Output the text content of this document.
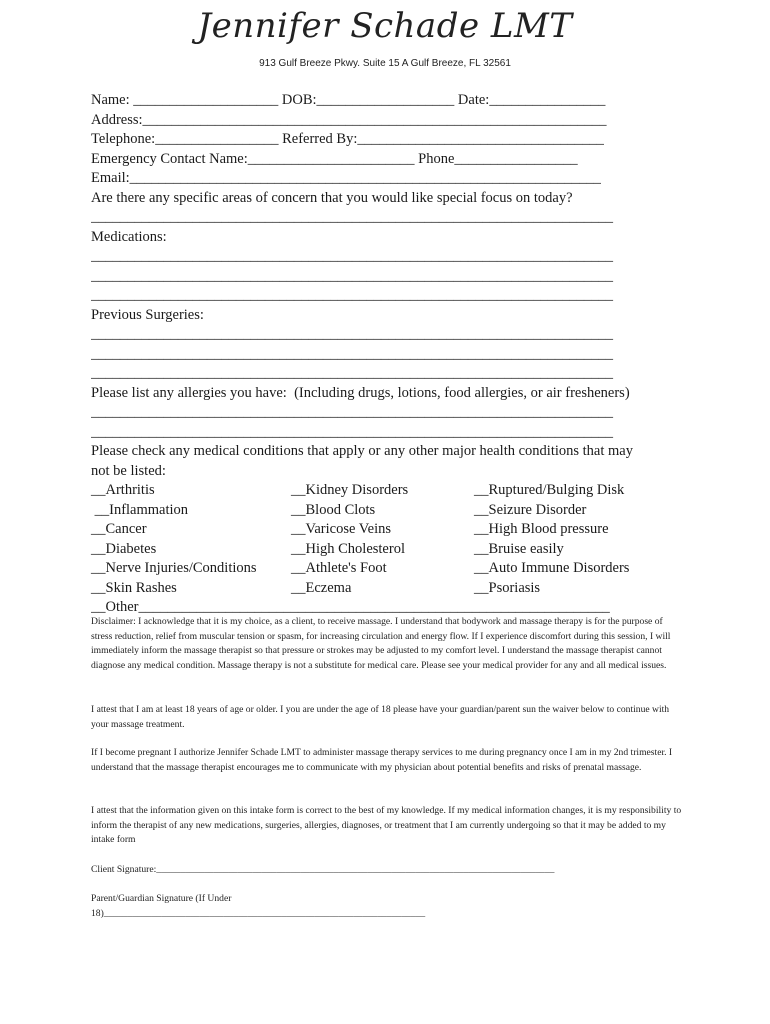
Jennifer Schade LMT
913 Gulf Breeze Pkwy. Suite 15 A Gulf Breeze, FL 32561
Name: ____________________ DOB:___________________ Date:________________
Address:________________________________________________________________
Telephone:_________________ Referred By:__________________________________
Emergency Contact Name:_______________________ Phone_________________
Email:_________________________________________________________________
Are there any specific areas of concern that you would like special focus on today?
________________________________________________________________________
Medications:
________________________________________________________________________
________________________________________________________________________
________________________________________________________________________
Previous Surgeries:
________________________________________________________________________
________________________________________________________________________
________________________________________________________________________
Please list any allergies you have:  (Including drugs, lotions, food allergies, or air fresheners)
________________________________________________________________________
________________________________________________________________________
Please check any medical conditions that apply or any other major health conditions that may
not be listed:
__Arthritis	__Kidney Disorders	__Ruptured/Bulging Disk
__Inflammation	__Blood Clots	__Seizure Disorder
__Cancer	__Varicose Veins	__High Blood pressure
__Diabetes	__High Cholesterol	__Bruise easily
__Nerve Injuries/Conditions	__Athlete's Foot	__Auto Immune Disorders
__Skin Rashes	__Eczema	__Psoriasis
__Other_________________________________________________________________
Disclaimer: I acknowledge that it is my choice, as a client, to receive massage. I understand that bodywork and massage therapy is for the purpose of stress reduction, relief from muscular tension or spasm, for increasing circulation and energy flow. If I experience discomfort during this session, I will immediately inform the massage therapist so that pressure or strokes may be adjusted to my comfort level. I understand the massage therapist cannot diagnose any medical condition. Massage therapy is not a substitute for medical care. Please see your medical provider for any and all medical issues.
I attest that I am at least 18 years of age or older. I you are under the age of 18 please have your guardian/parent sun the waiver below to continue with your massage treatment.
If I become pregnant I authorize Jennifer Schade LMT to administer massage therapy services to me during pregnancy once I am in my 2nd trimester. I understand that the massage therapist encourages me to communicate with my physician about potential benefits and risks of prenatal massage.
I attest that the information given on this intake form is correct to the best of my knowledge. If my medical information changes, it is my responsibility to inform the therapist of any new medications, surgeries, allergies, diagnoses, or treatment that I am currently undergoing so that it may be added to my intake form
Client Signature:___________________________________________________________________________________
Parent/Guardian Signature (If Under
18)___________________________________________________________________
